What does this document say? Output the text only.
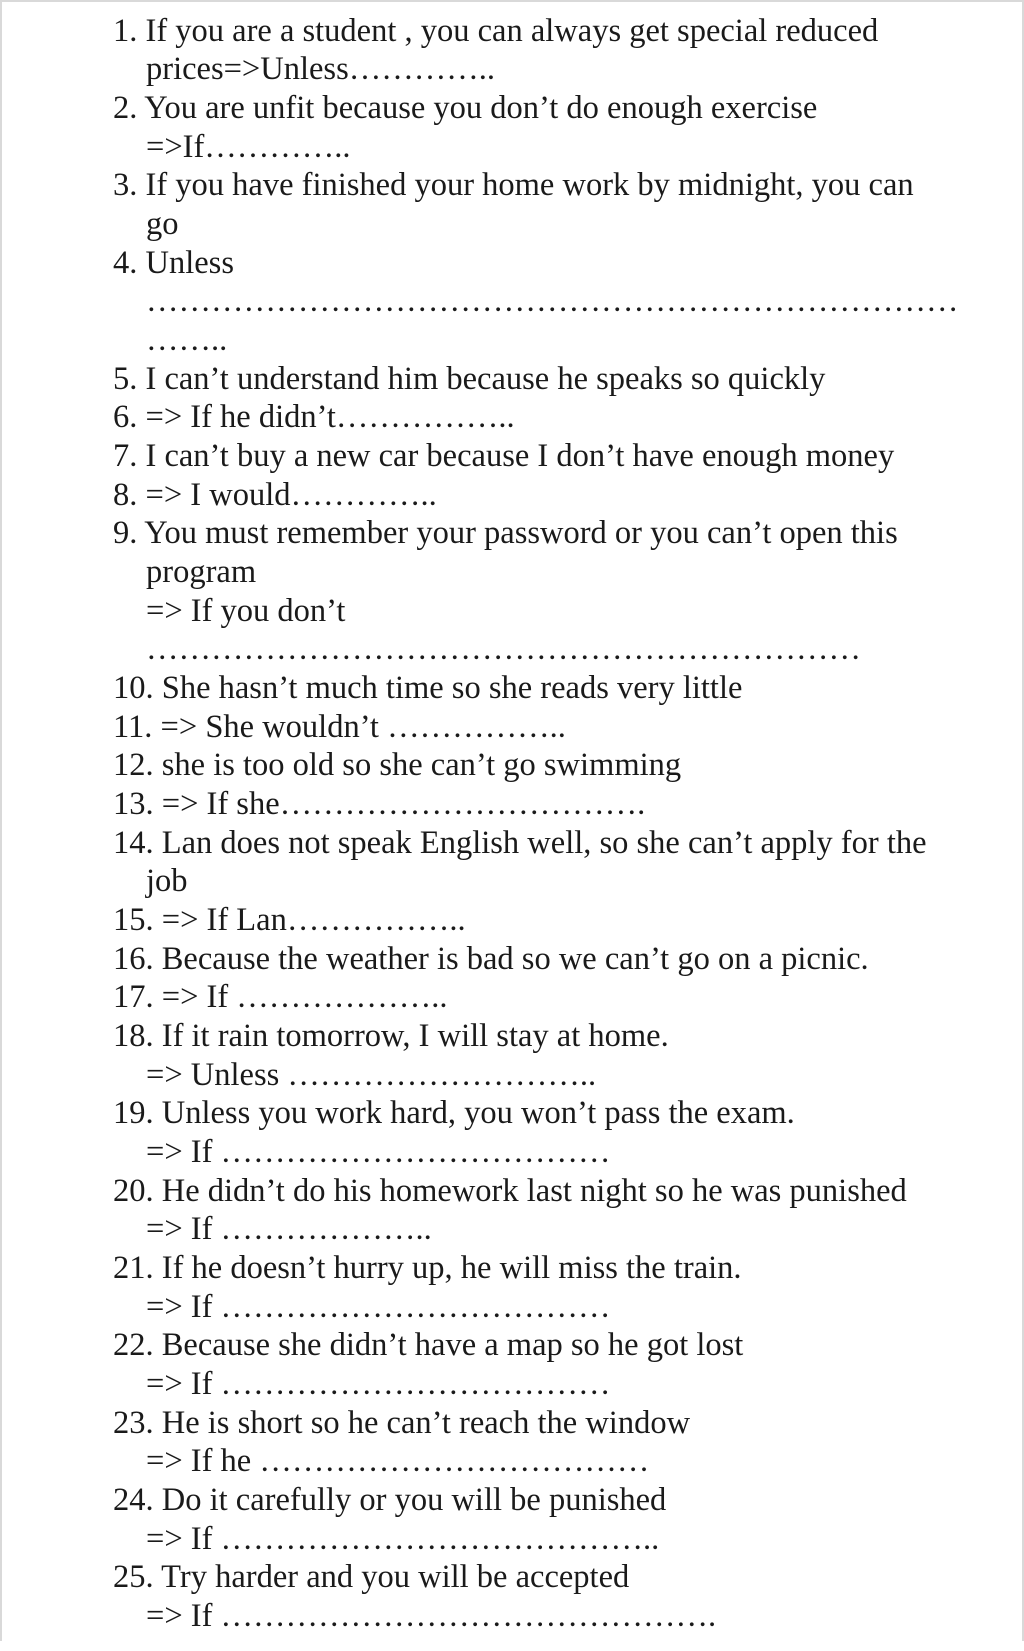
1. If you are a student , you can always get special reduced
prices=>Unless…………..
2. You are unfit because you don’t do enough exercise
=>If…………..
3. If you have finished your home work by midnight, you can
go
4. Unless
…………………………………………………………………
……..
5. I can’t understand him because he speaks so quickly
6. => If he didn’t……………..
7. I can’t buy a new car because I don’t have enough money
8. => I would…………..
9. You must remember your password or you can’t open this
program
=> If you don’t
…………………………………………………………
10. She hasn’t much time so she reads very little
11. => She wouldn’t ……………..
12. she is too old so she can’t go swimming
13. => If she…………………………….
14. Lan does not speak English well, so she can’t apply for the
job
15. => If Lan……………..
16. Because the weather is bad so we can’t go on a picnic.
17. => If ………………..
18. If it rain tomorrow, I will stay at home.
=> Unless ………………………..
19. Unless you work hard, you won’t pass the exam.
=> If ………………………………
20. He didn’t do his homework last night so he was punished
=> If ………………..
21. If he doesn’t hurry up, he will miss the train.
=> If ………………………………
22. Because she didn’t have a map so he got lost
=> If ………………………………
23. He is short so he can’t reach the window
=> If he ………………………………
24. Do it carefully or you will be punished
=> If …………………………………..
25. Try harder and you will be accepted
=> If ……………………………………….
